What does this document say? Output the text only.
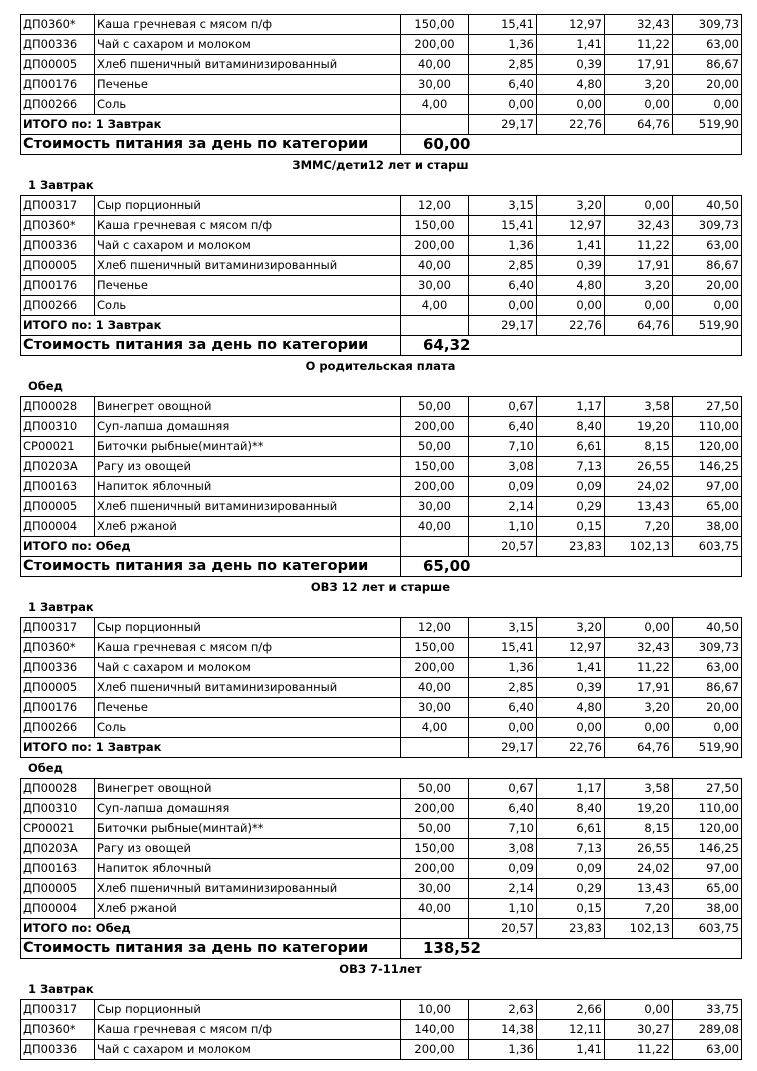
ДП0360*	Каша гречневая с мясом п/ф	150,00	15,41	12,97	32,43	309,73
ДП00336	Чай с сахаром и молоком	200,00	1,36	1,41	11,22	63,00
ДП00005	Хлеб пшеничный витаминизированный	40,00	2,85	0,39	17,91	86,67
ДП00176	Печенье	30,00	6,40	4,80	3,20	20,00
ДП00266	Соль	4,00	0,00	0,00	0,00	0,00
ИТОГО по: 1 Завтрак			29,17	22,76	64,76	519,90
Стоимость питания за день по категории		60,00				
ЗММС/дети12 лет и старш
1 Завтрак
ДП00317	Сыр порционный	12,00	3,15	3,20	0,00	40,50
ДП0360*	Каша гречневая с мясом п/ф	150,00	15,41	12,97	32,43	309,73
ДП00336	Чай с сахаром и молоком	200,00	1,36	1,41	11,22	63,00
ДП00005	Хлеб пшеничный витаминизированный	40,00	2,85	0,39	17,91	86,67
ДП00176	Печенье	30,00	6,40	4,80	3,20	20,00
ДП00266	Соль	4,00	0,00	0,00	0,00	0,00
ИТОГО по: 1 Завтрак			29,17	22,76	64,76	519,90
Стоимость питания за день по категории		64,32				
О родительская плата
Обед
ДП00028	Винегрет овощной	50,00	0,67	1,17	3,58	27,50
ДП00310	Суп-лапша домашняя	200,00	6,40	8,40	19,20	110,00
СР00021	Биточки рыбные(минтай)**	50,00	7,10	6,61	8,15	120,00
ДП0203А	Рагу из овощей	150,00	3,08	7,13	26,55	146,25
ДП00163	Напиток яблочный	200,00	0,09	0,09	24,02	97,00
ДП00005	Хлеб пшеничный витаминизированный	30,00	2,14	0,29	13,43	65,00
ДП00004	Хлеб ржаной	40,00	1,10	0,15	7,20	38,00
ИТОГО по: Обед			20,57	23,83	102,13	603,75
Стоимость питания за день по категории		65,00				
ОВЗ 12 лет и старше
1 Завтрак
ДП00317	Сыр порционный	12,00	3,15	3,20	0,00	40,50
ДП0360*	Каша гречневая с мясом п/ф	150,00	15,41	12,97	32,43	309,73
ДП00336	Чай с сахаром и молоком	200,00	1,36	1,41	11,22	63,00
ДП00005	Хлеб пшеничный витаминизированный	40,00	2,85	0,39	17,91	86,67
ДП00176	Печенье	30,00	6,40	4,80	3,20	20,00
ДП00266	Соль	4,00	0,00	0,00	0,00	0,00
ИТОГО по: 1 Завтрак			29,17	22,76	64,76	519,90
Обед
ДП00028	Винегрет овощной	50,00	0,67	1,17	3,58	27,50
ДП00310	Суп-лапша домашняя	200,00	6,40	8,40	19,20	110,00
СР00021	Биточки рыбные(минтай)**	50,00	7,10	6,61	8,15	120,00
ДП0203А	Рагу из овощей	150,00	3,08	7,13	26,55	146,25
ДП00163	Напиток яблочный	200,00	0,09	0,09	24,02	97,00
ДП00005	Хлеб пшеничный витаминизированный	30,00	2,14	0,29	13,43	65,00
ДП00004	Хлеб ржаной	40,00	1,10	0,15	7,20	38,00
ИТОГО по: Обед			20,57	23,83	102,13	603,75
Стоимость питания за день по категории		138,52				
ОВЗ 7-11лет
1 Завтрак
ДП00317	Сыр порционный	10,00	2,63	2,66	0,00	33,75
ДП0360*	Каша гречневая с мясом п/ф	140,00	14,38	12,11	30,27	289,08
ДП00336	Чай с сахаром и молоком	200,00	1,36	1,41	11,22	63,00
